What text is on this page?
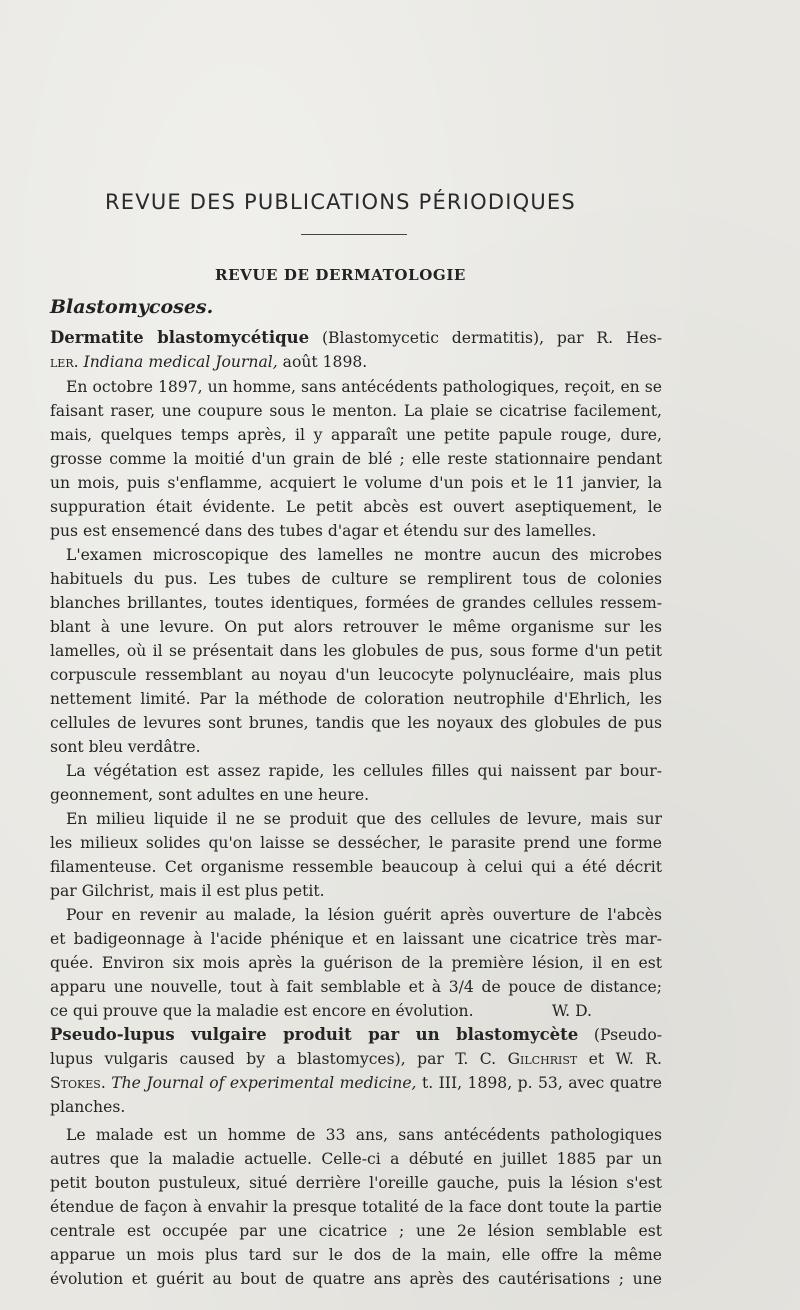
REVUE DES PUBLICATIONS PÉRIODIQUES
REVUE DE DERMATOLOGIE
Blastomycoses.
Dermatite blastomycétique (Blastomycetic dermatitis), par R. Hes-
ler. Indiana medical Journal, août 1898.
En octobre 1897, un homme, sans antécédents pathologiques, reçoit, en se
faisant raser, une coupure sous le menton. La plaie se cicatrise facilement,
mais, quelques temps après, il y apparaît une petite papule rouge, dure,
grosse comme la moitié d'un grain de blé ; elle reste stationnaire pendant
un mois, puis s'enflamme, acquiert le volume d'un pois et le 11 janvier, la
suppuration était évidente. Le petit abcès est ouvert aseptiquement, le
pus est ensemencé dans des tubes d'agar et étendu sur des lamelles.
L'examen microscopique des lamelles ne montre aucun des microbes
habituels du pus. Les tubes de culture se remplirent tous de colonies
blanches brillantes, toutes identiques, formées de grandes cellules ressem-
blant à une levure. On put alors retrouver le même organisme sur les
lamelles, où il se présentait dans les globules de pus, sous forme d'un petit
corpuscule ressemblant au noyau d'un leucocyte polynucléaire, mais plus
nettement limité. Par la méthode de coloration neutrophile d'Ehrlich, les
cellules de levures sont brunes, tandis que les noyaux des globules de pus
sont bleu verdâtre.
La végétation est assez rapide, les cellules filles qui naissent par bour-
geonnement, sont adultes en une heure.
En milieu liquide il ne se produit que des cellules de levure, mais sur
les milieux solides qu'on laisse se dessécher, le parasite prend une forme
filamenteuse. Cet organisme ressemble beaucoup à celui qui a été décrit
par Gilchrist, mais il est plus petit.
Pour en revenir au malade, la lésion guérit après ouverture de l'abcès
et badigeonnage à l'acide phénique et en laissant une cicatrice très mar-
quée. Environ six mois après la guérison de la première lésion, il en est
apparu une nouvelle, tout à fait semblable et à 3/4 de pouce de distance;
ce qui prouve que la maladie est encore en évolution.	W. D.
Pseudo-lupus vulgaire produit par un blastomycète (Pseudo-
lupus vulgaris caused by a blastomyces), par T. C. Gilchrist et W. R.
Stokes. The Journal of experimental medicine, t. III, 1898, p. 53, avec quatre
planches.
Le malade est un homme de 33 ans, sans antécédents pathologiques
autres que la maladie actuelle. Celle-ci a débuté en juillet 1885 par un
petit bouton pustuleux, situé derrière l'oreille gauche, puis la lésion s'est
étendue de façon à envahir la presque totalité de la face dont toute la partie
centrale est occupée par une cicatrice ; une 2e lésion semblable est
apparue un mois plus tard sur le dos de la main, elle offre la même
évolution et guérit au bout de quatre ans après des cautérisations ; une
